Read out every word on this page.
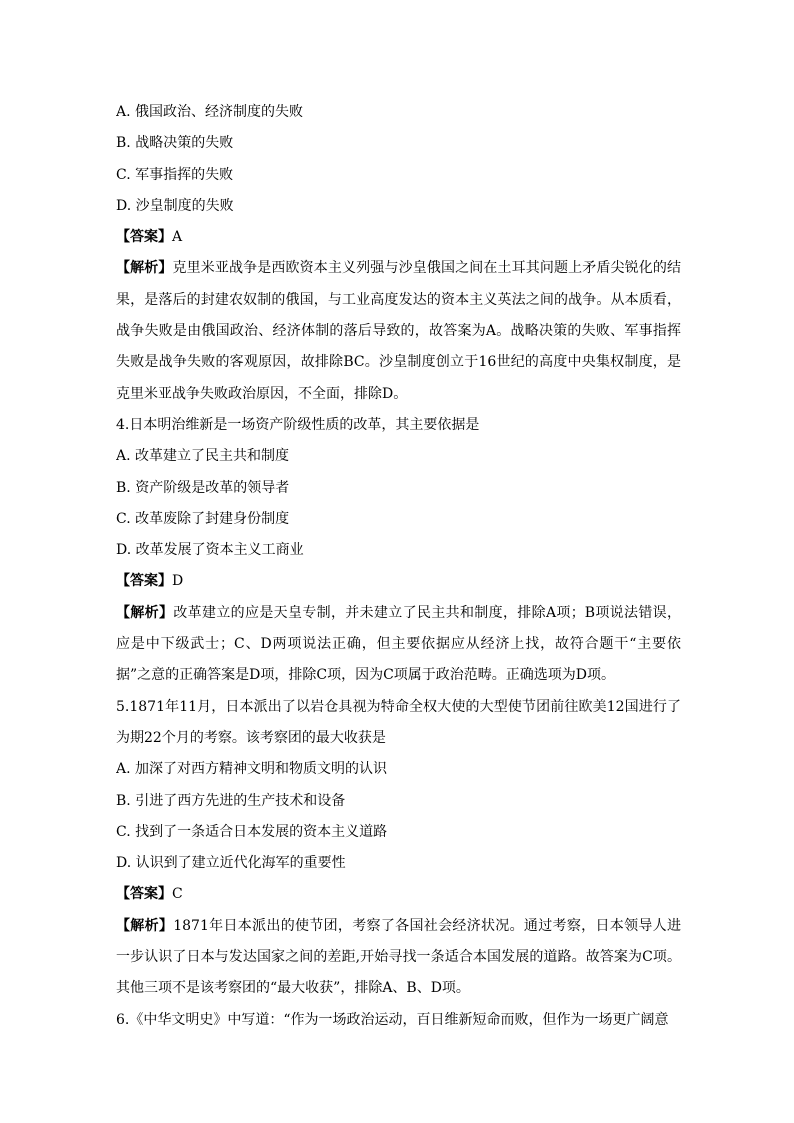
A. 俄国政治、经济制度的失败

B. 战略决策的失败

C. 军事指挥的失败

D. 沙皇制度的失败

【答案】A

【解析】克里米亚战争是西欧资本主义列强与沙皇俄国之间在土耳其问题上矛盾尖锐化的结果，是落后的封建农奴制的俄国，与工业高度发达的资本主义英法之间的战争。从本质看，战争失败是由俄国政治、经济体制的落后导致的，故答案为A。战略决策的失败、军事指挥失败是战争失败的客观原因，故排除BC。沙皇制度创立于16世纪的高度中央集权制度，是克里米亚战争失败政治原因，不全面，排除D。

4.日本明治维新是一场资产阶级性质的改革，其主要依据是

A. 改革建立了民主共和制度

B. 资产阶级是改革的领导者

C. 改革废除了封建身份制度

D. 改革发展了资本主义工商业

【答案】D

【解析】改革建立的应是天皇专制，并未建立了民主共和制度，排除A项；B项说法错误，应是中下级武士；C、D两项说法正确，但主要依据应从经济上找，故符合题干“主要依据”之意的正确答案是D项，排除C项，因为C项属于政治范畴。正确选项为D项。

5.1871年11月，日本派出了以岩仓具视为特命全权大使的大型使节团前往欧美12国进行了为期22个月的考察。该考察团的最大收获是

A. 加深了对西方精神文明和物质文明的认识

B. 引进了西方先进的生产技术和设备

C. 找到了一条适合日本发展的资本主义道路

D. 认识到了建立近代化海军的重要性

【答案】C

【解析】1871年日本派出的使节团，考察了各国社会经济状况。通过考察，日本领导人进一步认识了日本与发达国家之间的差距,开始寻找一条适合本国发展的道路。故答案为C项。其他三项不是该考察团的“最大收获”，排除A、B、D项。

6.《中华文明史》中写道：“作为一场政治运动，百日维新短命而败，但作为一场更广阔意
